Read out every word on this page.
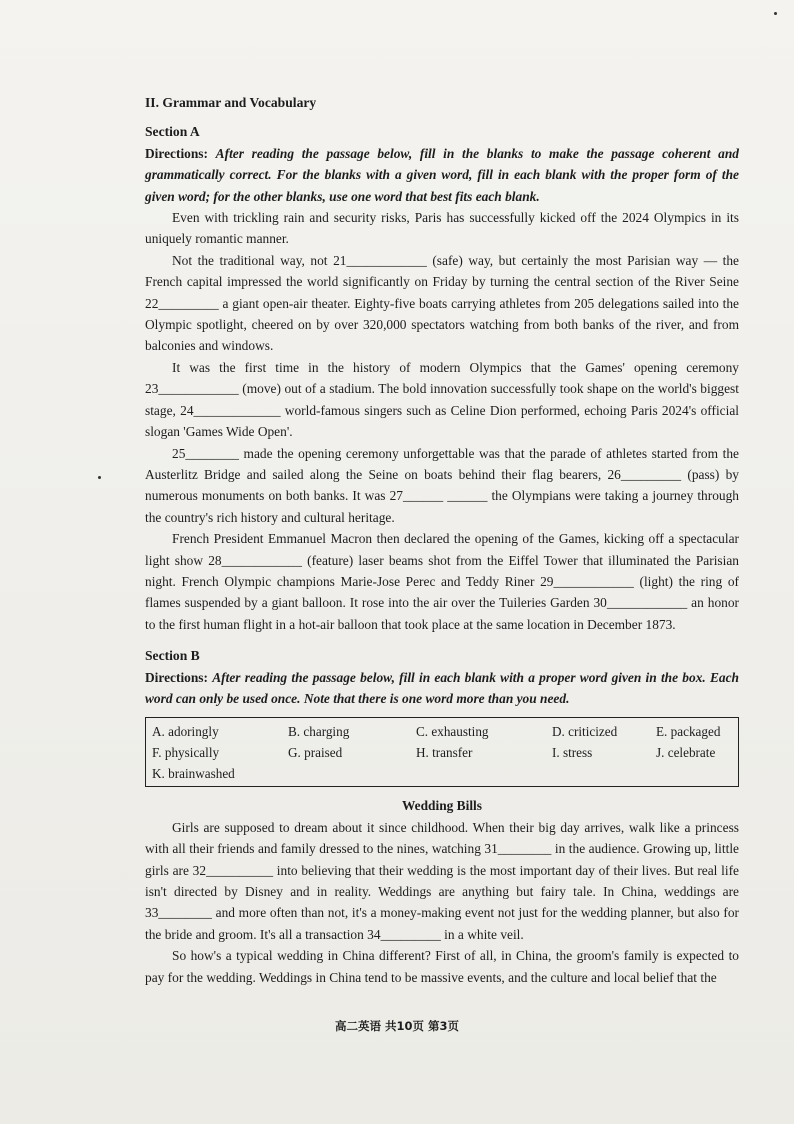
II. Grammar and Vocabulary

Section A

Directions: After reading the passage below, fill in the blanks to make the passage coherent and grammatically correct. For the blanks with a given word, fill in each blank with the proper form of the given word; for the other blanks, use one word that best fits each blank.

Even with trickling rain and security risks, Paris has successfully kicked off the 2024 Olympics in its uniquely romantic manner.

Not the traditional way, not 21____________ (safe) way, but certainly the most Parisian way — the French capital impressed the world significantly on Friday by turning the central section of the River Seine 22_________ a giant open-air theater. Eighty-five boats carrying athletes from 205 delegations sailed into the Olympic spotlight, cheered on by over 320,000 spectators watching from both banks of the river, and from balconies and windows.

It was the first time in the history of modern Olympics that the Games' opening ceremony 23____________ (move) out of a stadium. The bold innovation successfully took shape on the world's biggest stage, 24_____________ world-famous singers such as Celine Dion performed, echoing Paris 2024's official slogan 'Games Wide Open'.

25________ made the opening ceremony unforgettable was that the parade of athletes started from the Austerlitz Bridge and sailed along the Seine on boats behind their flag bearers, 26_________ (pass) by numerous monuments on both banks. It was 27______ ______ the Olympians were taking a journey through the country's rich history and cultural heritage.

French President Emmanuel Macron then declared the opening of the Games, kicking off a spectacular light show 28____________ (feature) laser beams shot from the Eiffel Tower that illuminated the Parisian night. French Olympic champions Marie-Jose Perec and Teddy Riner 29____________ (light) the ring of flames suspended by a giant balloon. It rose into the air over the Tuileries Garden 30____________ an honor to the first human flight in a hot-air balloon that took place at the same location in December 1873.

Section B

Directions: After reading the passage below, fill in each blank with a proper word given in the box. Each word can only be used once. Note that there is one word more than you need.

A. adoringly	B. charging	C. exhausting	D. criticized	E. packaged
F. physically	G. praised	H. transfer	I. stress	J. celebrate
K. brainwashed

Wedding Bills

Girls are supposed to dream about it since childhood. When their big day arrives, walk like a princess with all their friends and family dressed to the nines, watching 31________ in the audience. Growing up, little girls are 32__________ into believing that their wedding is the most important day of their lives. But real life isn't directed by Disney and in reality. Weddings are anything but fairy tale. In China, weddings are 33________ and more often than not, it's a money-making event not just for the wedding planner, but also for the bride and groom. It's all a transaction 34_________ in a white veil.

So how's a typical wedding in China different? First of all, in China, the groom's family is expected to pay for the wedding. Weddings in China tend to be massive events, and the culture and local belief that the

高二英语 共10页 第3页
